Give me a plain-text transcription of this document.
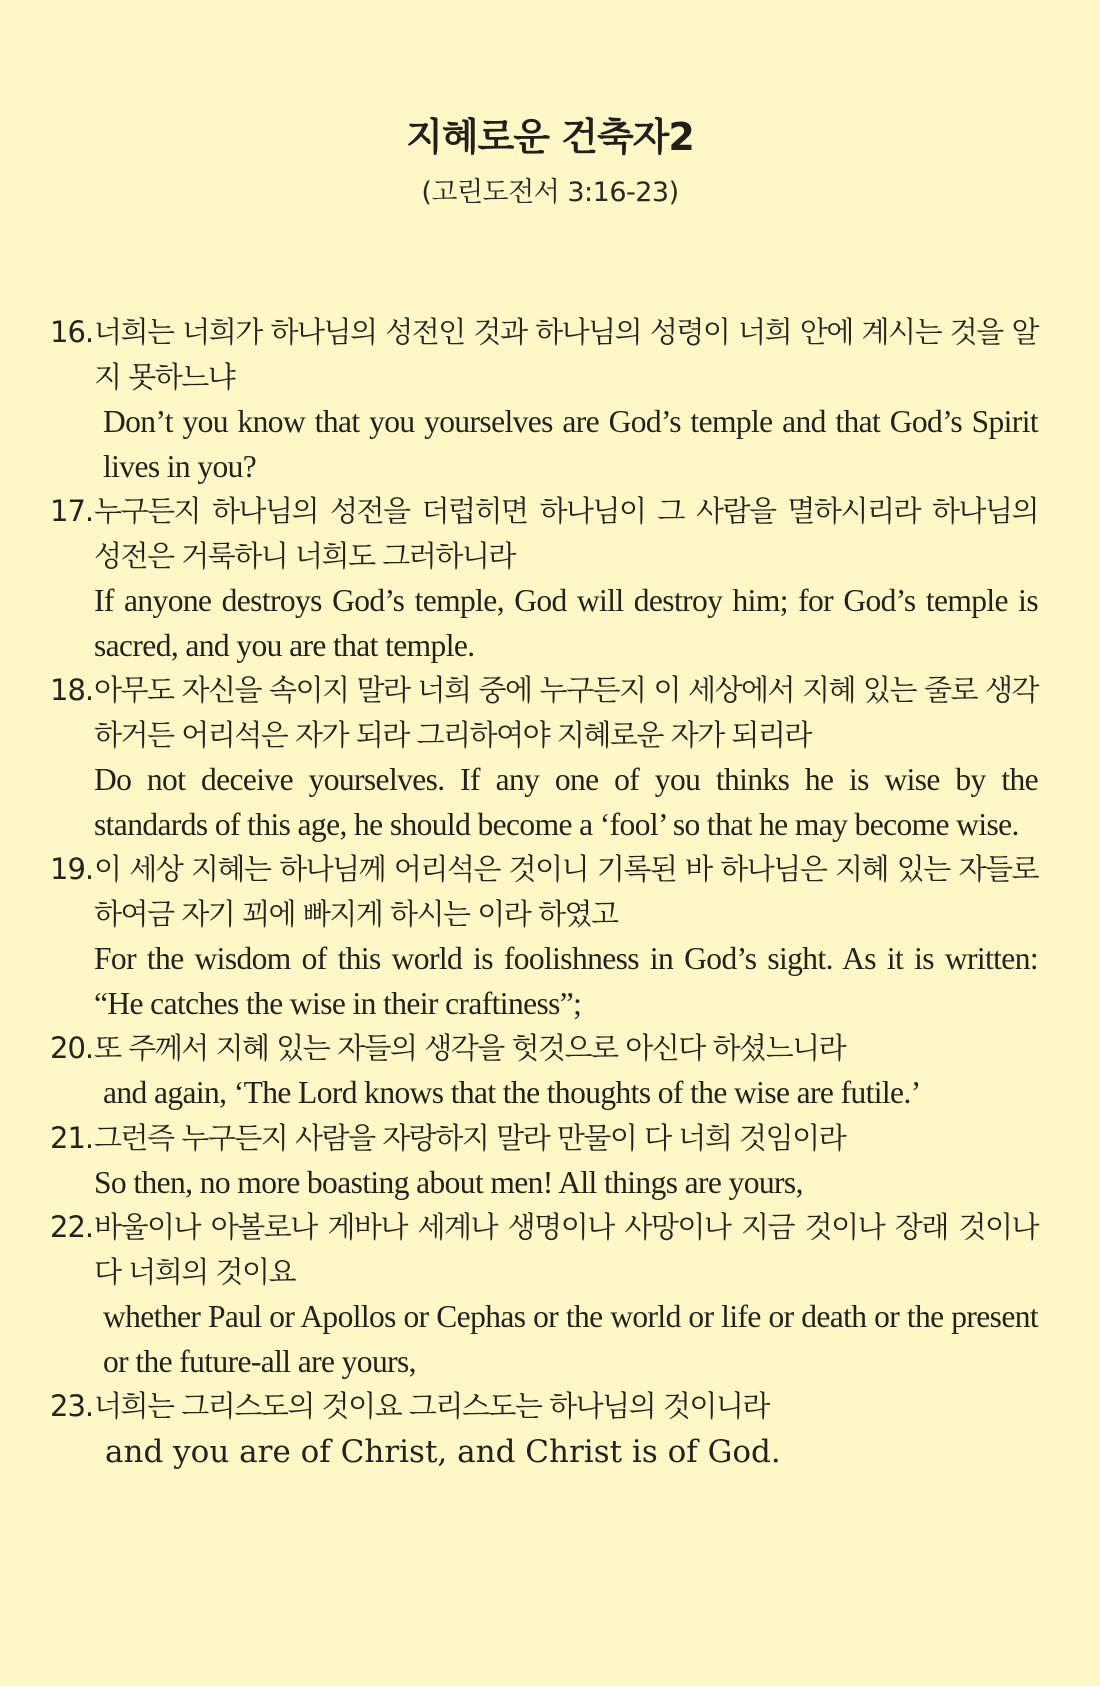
지혜로운 건축자2
(고린도전서 3:16-23)
16. 너희는 너희가 하나님의 성전인 것과 하나님의 성령이 너희 안에 계시는 것을 알지 못하느냐
Don’t you know that you yourselves are God’s temple and that God’s Spirit lives in you?
17. 누구든지 하나님의 성전을 더럽히면 하나님이 그 사람을 멸하시리라 하나님의 성전은 거룩하니 너희도 그러하니라
If anyone destroys God’s temple, God will destroy him; for God’s temple is sacred, and you are that temple.
18. 아무도 자신을 속이지 말라 너희 중에 누구든지 이 세상에서 지혜 있는 줄로 생각하거든 어리석은 자가 되라 그리하여야 지혜로운 자가 되리라
Do not deceive yourselves. If any one of you thinks he is wise by the standards of this age, he should become a ‘fool’ so that he may become wise.
19. 이 세상 지혜는 하나님께 어리석은 것이니 기록된 바 하나님은 지혜 있는 자들로 하여금 자기 꾀에 빠지게 하시는 이라 하였고
For the wisdom of this world is foolishness in God’s sight. As it is written: “He catches the wise in their craftiness”;
20. 또 주께서 지혜 있는 자들의 생각을 헛것으로 아신다 하셨느니라
and again, ‘The Lord knows that the thoughts of the wise are futile.’
21. 그런즉 누구든지 사람을 자랑하지 말라 만물이 다 너희 것임이라
So then, no more boasting about men! All things are yours,
22. 바울이나 아볼로나 게바나 세계나 생명이나 사망이나 지금 것이나 장래 것이나 다 너희의 것이요
whether Paul or Apollos or Cephas or the world or life or death or the present or the future-all are yours,
23. 너희는 그리스도의 것이요 그리스도는 하나님의 것이니라
and you are of Christ, and Christ is of God.
